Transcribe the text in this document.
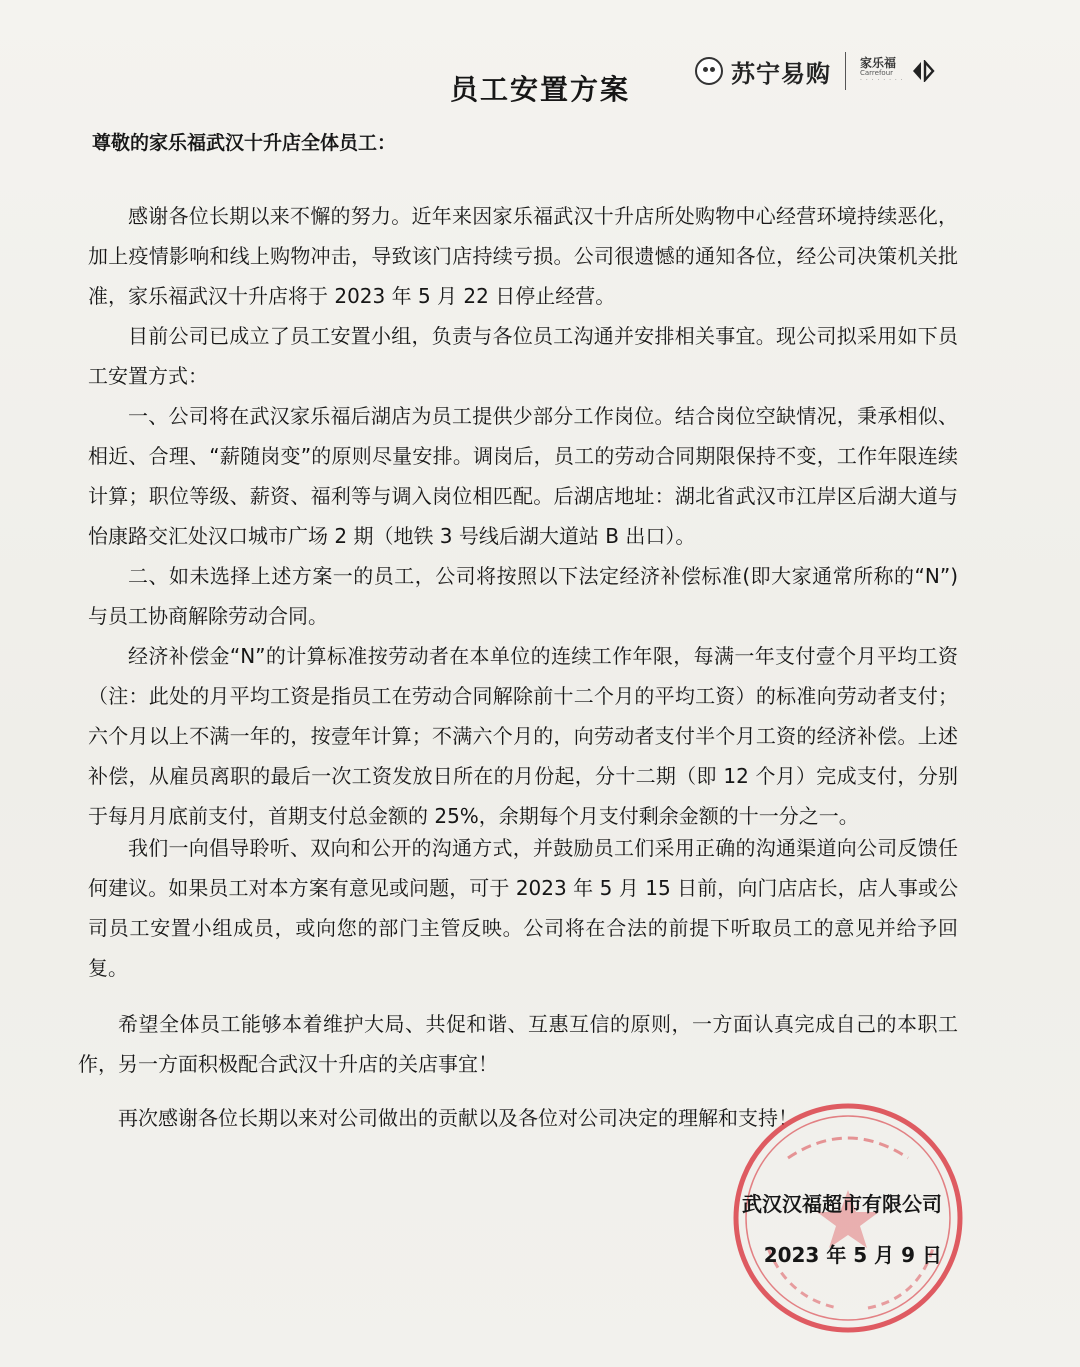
苏宁易购 家乐福
Carrefour
· · · · · · · ·
员工安置方案
尊敬的家乐福武汉十升店全体员工：

感谢各位长期以来不懈的努力。近年来因家乐福武汉十升店所处购物中心经营环境持续恶化，加上疫情影响和线上购物冲击，导致该门店持续亏损。公司很遗憾的通知各位，经公司决策机关批准，家乐福武汉十升店将于 2023 年 5 月 22 日停止经营。

目前公司已成立了员工安置小组，负责与各位员工沟通并安排相关事宜。现公司拟采用如下员工安置方式：

一、公司将在武汉家乐福后湖店为员工提供少部分工作岗位。结合岗位空缺情况，秉承相似、相近、合理、“薪随岗变”的原则尽量安排。调岗后，员工的劳动合同期限保持不变，工作年限连续计算；职位等级、薪资、福利等与调入岗位相匹配。后湖店地址：湖北省武汉市江岸区后湖大道与怡康路交汇处汉口城市广场 2 期（地铁 3 号线后湖大道站 B 出口）。

二、如未选择上述方案一的员工，公司将按照以下法定经济补偿标准(即大家通常所称的“N”)与员工协商解除劳动合同。

经济补偿金“N”的计算标准按劳动者在本单位的连续工作年限，每满一年支付壹个月平均工资（注：此处的月平均工资是指员工在劳动合同解除前十二个月的平均工资）的标准向劳动者支付；六个月以上不满一年的，按壹年计算；不满六个月的，向劳动者支付半个月工资的经济补偿。上述补偿，从雇员离职的最后一次工资发放日所在的月份起，分十二期（即 12 个月）完成支付，分别于每月月底前支付，首期支付总金额的 25%，余期每个月支付剩余金额的十一分之一。

我们一向倡导聆听、双向和公开的沟通方式，并鼓励员工们采用正确的沟通渠道向公司反馈任何建议。如果员工对本方案有意见或问题，可于 2023 年 5 月 15 日前，向门店店长，店人事或公司员工安置小组成员，或向您的部门主管反映。公司将在合法的前提下听取员工的意见并给予回复。

希望全体员工能够本着维护大局、共促和谐、互惠互信的原则，一方面认真完成自己的本职工作，另一方面积极配合武汉十升店的关店事宜！

再次感谢各位长期以来对公司做出的贡献以及各位对公司决定的理解和支持！

武汉汉福超市有限公司
2023 年 5 月 9 日
